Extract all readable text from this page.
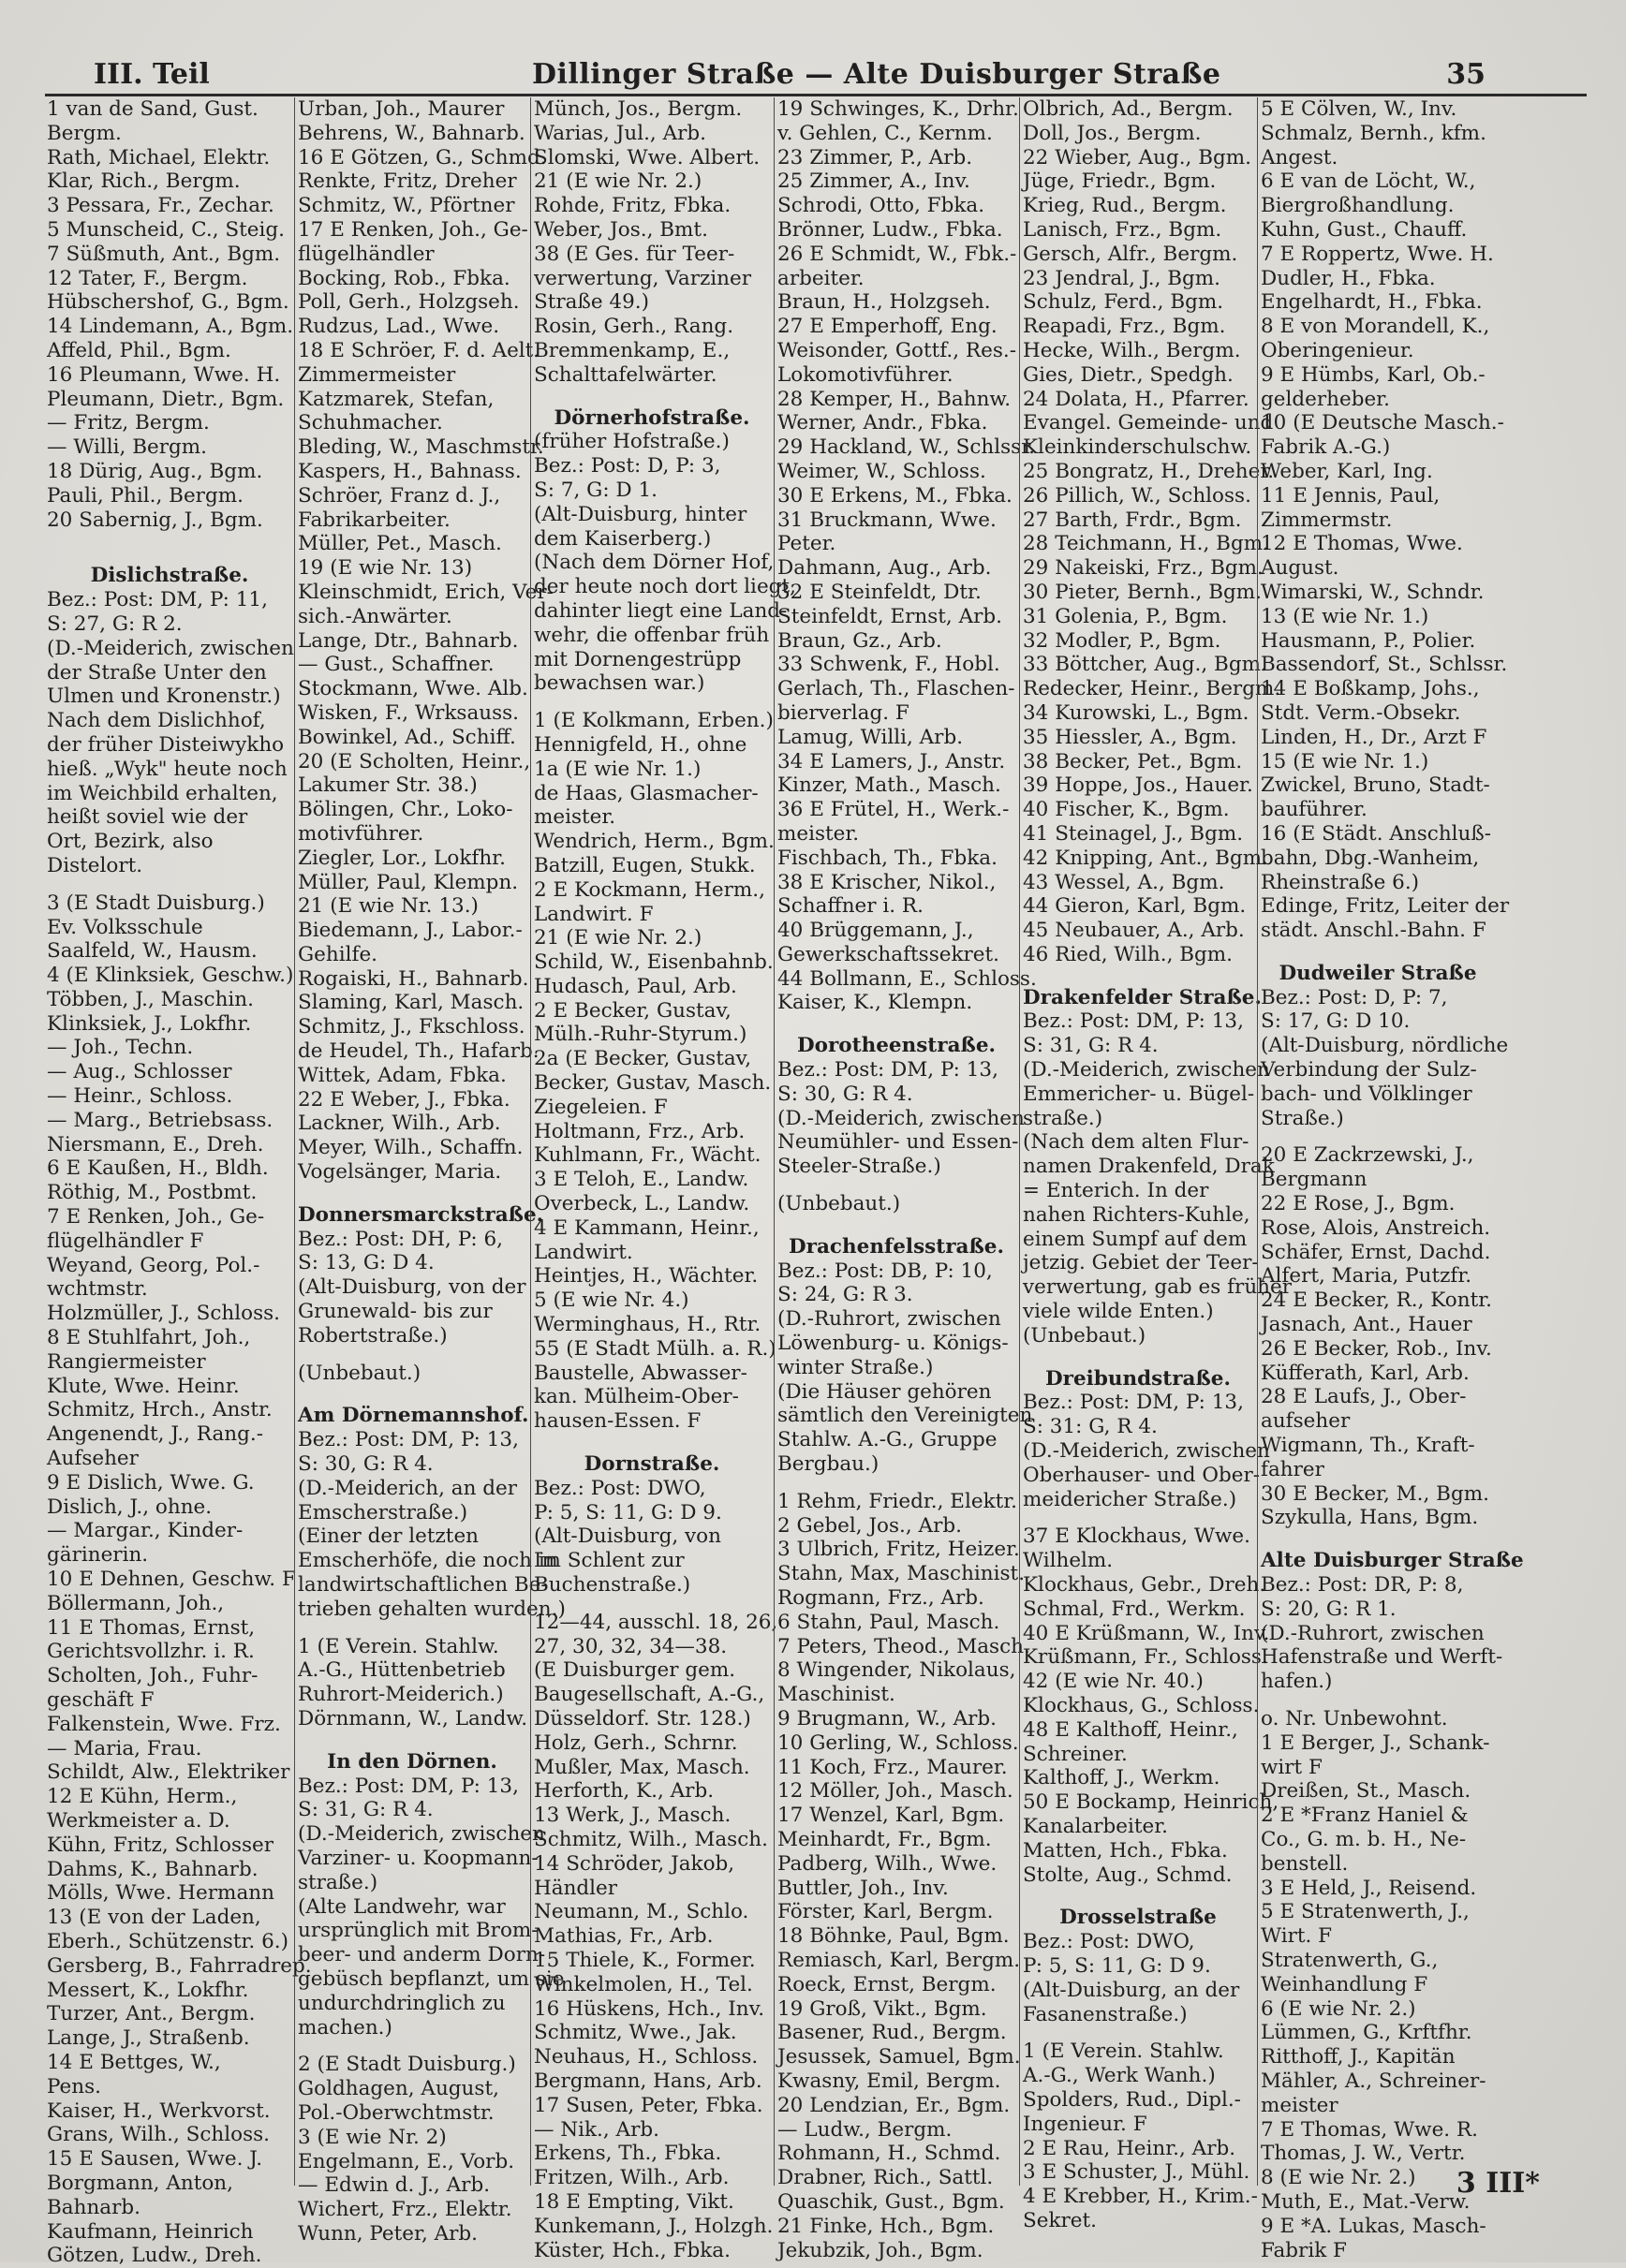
III. Teil	Dillinger Straße — Alte Duisburger Straße	35
1 van de Sand, Gust.
Bergm.
Rath, Michael, Elektr.
Klar, Rich., Bergm.
3 Pessara, Fr., Zechar.
5 Munscheid, C., Steig.
7 Süßmuth, Ant., Bgm.
12 Tater, F., Bergm.
Hübschershof, G., Bgm.
14 Lindemann, A., Bgm.
Affeld, Phil., Bgm.
16 Pleumann, Wwe. H.
Pleumann, Dietr., Bgm.
— Fritz, Bergm.
— Willi, Bergm.
18 Dürig, Aug., Bgm.
Pauli, Phil., Bergm.
20 Sabernig, J., Bgm.
Dislichstraße.
Bez.: Post: DM, P: 11,
S: 27, G: R 2.
(D.-Meiderich, zwischen
der Straße Unter den
Ulmen und Kronenstr.)
Nach dem Dislichhof,
der früher Disteiwykho
hieß. „Wyk" heute noch
im Weichbild erhalten,
heißt soviel wie der
Ort, Bezirk, also
Distelort.
3 (E Stadt Duisburg.)
Ev. Volksschule
Saalfeld, W., Hausm.
4 (E Klinksiek, Geschw.)
Többen, J., Maschin.
Klinksiek, J., Lokfhr.
— Joh., Techn.
— Aug., Schlosser
— Heinr., Schloss.
— Marg., Betriebsass.
Niersmann, E., Dreh.
6 E Kaußen, H., Bldh.
Röthig, M., Postbmt.
7 E Renken, Joh., Ge-
flügelhändler F
Weyand, Georg, Pol.-
wchtmstr.
Holzmüller, J., Schloss.
8 E Stuhlfahrt, Joh.,
Rangiermeister
Klute, Wwe. Heinr.
Schmitz, Hrch., Anstr.
Angenendt, J., Rang.-
Aufseher
9 E Dislich, Wwe. G.
Dislich, J., ohne.
— Margar., Kinder-
gärinerin.
10 E Dehnen, Geschw. F
Böllermann, Joh.,
11 E Thomas, Ernst,
Gerichtsvollzhr. i. R.
Scholten, Joh., Fuhr-
geschäft F
Falkenstein, Wwe. Frz.
— Maria, Frau.
Schildt, Alw., Elektriker
12 E Kühn, Herm.,
Werkmeister a. D.
Kühn, Fritz, Schlosser
Dahms, K., Bahnarb.
Mölls, Wwe. Hermann
13 (E von der Laden,
Eberh., Schützenstr. 6.)
Gersberg, B., Fahrradrep.
Messert, K., Lokfhr.
Turzer, Ant., Bergm.
Lange, J., Straßenb.
14 E Bettges, W.,
Pens.
Kaiser, H., Werkvorst.
Grans, Wilh., Schloss.
15 E Sausen, Wwe. J.
Borgmann, Anton,
Bahnarb.
Kaufmann, Heinrich
Götzen, Ludw., Dreh.
Urban, Joh., Maurer
Behrens, W., Bahnarb.
16 E Götzen, G., Schmd.
Renkte, Fritz, Dreher
Schmitz, W., Pförtner
17 E Renken, Joh., Ge-
flügelhändler
Bocking, Rob., Fbka.
Poll, Gerh., Holzgseh.
Rudzus, Lad., Wwe.
18 E Schröer, F. d. Aelt.
Zimmermeister
Katzmarek, Stefan,
Schuhmacher.
Bleding, W., Maschmstr.
Kaspers, H., Bahnass.
Schröer, Franz d. J.,
Fabrikarbeiter.
Müller, Pet., Masch.
19 (E wie Nr. 13)
Kleinschmidt, Erich, Ver-
sich.-Anwärter.
Lange, Dtr., Bahnarb.
— Gust., Schaffner.
Stockmann, Wwe. Alb.
Wisken, F., Wrksauss.
Bowinkel, Ad., Schiff.
20 (E Scholten, Heinr.,
Lakumer Str. 38.)
Bölingen, Chr., Loko-
motivführer.
Ziegler, Lor., Lokfhr.
Müller, Paul, Klempn.
21 (E wie Nr. 13.)
Biedemann, J., Labor.-
Gehilfe.
Rogaiski, H., Bahnarb.
Slaming, Karl, Masch.
Schmitz, J., Fkschloss.
de Heudel, Th., Hafarb.
Wittek, Adam, Fbka.
22 E Weber, J., Fbka.
Lackner, Wilh., Arb.
Meyer, Wilh., Schaffn.
Vogelsänger, Maria.
Donnersmarckstraße.
Bez.: Post: DH, P: 6,
S: 13, G: D 4.
(Alt-Duisburg, von der
Grunewald- bis zur
Robertstraße.)
(Unbebaut.)
Am Dörnemannshof.
Bez.: Post: DM, P: 13,
S: 30, G: R 4.
(D.-Meiderich, an der
Emscherstraße.)
(Einer der letzten
Emscherhöfe, die noch in
landwirtschaftlichen Be-
trieben gehalten wurden.)
1 (E Verein. Stahlw.
A.-G., Hüttenbetrieb
Ruhrort-Meiderich.)
Dörnmann, W., Landw.
In den Dörnen.
Bez.: Post: DM, P: 13,
S: 31, G: R 4.
(D.-Meiderich, zwischen
Varziner- u. Koopmann-
straße.)
(Alte Landwehr, war
ursprünglich mit Brom-
beer- und anderm Dorn-
gebüsch bepflanzt, um sie
undurchdringlich zu
machen.)
2 (E Stadt Duisburg.)
Goldhagen, August,
Pol.-Oberwchtmstr.
3 (E wie Nr. 2)
Engelmann, E., Vorb.
— Edwin d. J., Arb.
Wichert, Frz., Elektr.
Wunn, Peter, Arb.
Münch, Jos., Bergm.
Warias, Jul., Arb.
Slomski, Wwe. Albert.
21 (E wie Nr. 2.)
Rohde, Fritz, Fbka.
Weber, Jos., Bmt.
38 (E Ges. für Teer-
verwertung, Varziner
Straße 49.)
Rosin, Gerh., Rang.
Bremmenkamp, E.,
Schalttafelwärter.
Dörnerhofstraße.
(früher Hofstraße.)
Bez.: Post: D, P: 3,
S: 7, G: D 1.
(Alt-Duisburg, hinter
dem Kaiserberg.)
(Nach dem Dörner Hof,
der heute noch dort liegt,
dahinter liegt eine Land-
wehr, die offenbar früh
mit Dornengestrüpp
bewachsen war.)
1 (E Kolkmann, Erben.)
Hennigfeld, H., ohne
1a (E wie Nr. 1.)
de Haas, Glasmacher-
meister.
Wendrich, Herm., Bgm.
Batzill, Eugen, Stukk.
2 E Kockmann, Herm.,
Landwirt. F
21 (E wie Nr. 2.)
Schild, W., Eisenbahnb.
Hudasch, Paul, Arb.
2 E Becker, Gustav,
Mülh.-Ruhr-Styrum.)
2a (E Becker, Gustav,
Becker, Gustav, Masch.
Ziegeleien. F
Holtmann, Frz., Arb.
Kuhlmann, Fr., Wächt.
3 E Teloh, E., Landw.
Overbeck, L., Landw.
4 E Kammann, Heinr.,
Landwirt.
Heintjes, H., Wächter.
5 (E wie Nr. 4.)
Werminghaus, H., Rtr.
55 (E Stadt Mülh. a. R.)
Baustelle, Abwasser-
kan. Mülheim-Ober-
hausen-Essen. F
Dornstraße.
Bez.: Post: DWO,
P: 5, S: 11, G: D 9.
(Alt-Duisburg, von
Im Schlent zur
Buchenstraße.)
12—44, ausschl. 18, 26,
27, 30, 32, 34—38.
(E Duisburger gem.
Baugesellschaft, A.-G.,
Düsseldorf. Str. 128.)
Holz, Gerh., Schrnr.
Mußler, Max, Masch.
Herforth, K., Arb.
13 Werk, J., Masch.
Schmitz, Wilh., Masch.
14 Schröder, Jakob,
Händler
Neumann, M., Schlo.
Mathias, Fr., Arb.
15 Thiele, K., Former.
Winkelmolen, H., Tel.
16 Hüskens, Hch., Inv.
Schmitz, Wwe., Jak.
Neuhaus, H., Schloss.
Bergmann, Hans, Arb.
17 Susen, Peter, Fbka.
— Nik., Arb.
Erkens, Th., Fbka.
Fritzen, Wilh., Arb.
18 E Empting, Vikt.
Kunkemann, J., Holzgh.
Küster, Hch., Fbka.
19 Schwinges, K., Drhr.
v. Gehlen, C., Kernm.
23 Zimmer, P., Arb.
25 Zimmer, A., Inv.
Schrodi, Otto, Fbka.
Brönner, Ludw., Fbka.
26 E Schmidt, W., Fbk.-
arbeiter.
Braun, H., Holzgseh.
27 E Emperhoff, Eng.
Weisonder, Gottf., Res.-
Lokomotivführer.
28 Kemper, H., Bahnw.
Werner, Andr., Fbka.
29 Hackland, W., Schlssr.
Weimer, W., Schloss.
30 E Erkens, M., Fbka.
31 Bruckmann, Wwe.
Peter.
Dahmann, Aug., Arb.
32 E Steinfeldt, Dtr.
Steinfeldt, Ernst, Arb.
Braun, Gz., Arb.
33 Schwenk, F., Hobl.
Gerlach, Th., Flaschen-
bierverlag. F
Lamug, Willi, Arb.
34 E Lamers, J., Anstr.
Kinzer, Math., Masch.
36 E Frütel, H., Werk.-
meister.
Fischbach, Th., Fbka.
38 E Krischer, Nikol.,
Schaffner i. R.
40 Brüggemann, J.,
Gewerkschaftssekret.
44 Bollmann, E., Schloss.
Kaiser, K., Klempn.
Dorotheenstraße.
Bez.: Post: DM, P: 13,
S: 30, G: R 4.
(D.-Meiderich, zwischen
Neumühler- und Essen-
Steeler-Straße.)
(Unbebaut.)
Drachenfelsstraße.
Bez.: Post: DB, P: 10,
S: 24, G: R 3.
(D.-Ruhrort, zwischen
Löwenburg- u. Königs-
winter Straße.)
(Die Häuser gehören
sämtlich den Vereinigten
Stahlw. A.-G., Gruppe
Bergbau.)
1 Rehm, Friedr., Elektr.
2 Gebel, Jos., Arb.
3 Ulbrich, Fritz, Heizer.
Stahn, Max, Maschinist.
Rogmann, Frz., Arb.
6 Stahn, Paul, Masch.
7 Peters, Theod., Masch.
8 Wingender, Nikolaus,
Maschinist.
9 Brugmann, W., Arb.
10 Gerling, W., Schloss.
11 Koch, Frz., Maurer.
12 Möller, Joh., Masch.
17 Wenzel, Karl, Bgm.
Meinhardt, Fr., Bgm.
Padberg, Wilh., Wwe.
Buttler, Joh., Inv.
Förster, Karl, Bergm.
18 Böhnke, Paul, Bgm.
Remiasch, Karl, Bergm.
Roeck, Ernst, Bergm.
19 Groß, Vikt., Bgm.
Basener, Rud., Bergm.
Jesussek, Samuel, Bgm.
Kwasny, Emil, Bergm.
20 Lendzian, Er., Bgm.
— Ludw., Bergm.
Rohmann, H., Schmd.
Drabner, Rich., Sattl.
Quaschik, Gust., Bgm.
21 Finke, Hch., Bgm.
Jekubzik, Joh., Bgm.
Olbrich, Ad., Bergm.
Doll, Jos., Bergm.
22 Wieber, Aug., Bgm.
Jüge, Friedr., Bgm.
Krieg, Rud., Bergm.
Lanisch, Frz., Bgm.
Gersch, Alfr., Bergm.
23 Jendral, J., Bgm.
Schulz, Ferd., Bgm.
Reapadi, Frz., Bgm.
Hecke, Wilh., Bergm.
Gies, Dietr., Spedgh.
24 Dolata, H., Pfarrer.
Evangel. Gemeinde- und
Kleinkinderschulschw.
25 Bongratz, H., Dreher.
26 Pillich, W., Schloss.
27 Barth, Frdr., Bgm.
28 Teichmann, H., Bgm.
29 Nakeiski, Frz., Bgm.
30 Pieter, Bernh., Bgm.
31 Golenia, P., Bgm.
32 Modler, P., Bgm.
33 Böttcher, Aug., Bgm.
Redecker, Heinr., Bergm.
34 Kurowski, L., Bgm.
35 Hiessler, A., Bgm.
38 Becker, Pet., Bgm.
39 Hoppe, Jos., Hauer.
40 Fischer, K., Bgm.
41 Steinagel, J., Bgm.
42 Knipping, Ant., Bgm.
43 Wessel, A., Bgm.
44 Gieron, Karl, Bgm.
45 Neubauer, A., Arb.
46 Ried, Wilh., Bgm.
Drakenfelder Straße.
Bez.: Post: DM, P: 13,
S: 31, G: R 4.
(D.-Meiderich, zwischen
Emmericher- u. Bügel-
straße.)
(Nach dem alten Flur-
namen Drakenfeld, Drak
= Enterich. In der
nahen Richters-Kuhle,
einem Sumpf auf dem
jetzig. Gebiet der Teer-
verwertung, gab es früher
viele wilde Enten.)
(Unbebaut.)
Dreibundstraße.
Bez.: Post: DM, P: 13,
S: 31: G, R 4.
(D.-Meiderich, zwischen
Oberhauser- und Ober-
meidericher Straße.)
37 E Klockhaus, Wwe.
Wilhelm.
Klockhaus, Gebr., Dreh.
Schmal, Frd., Werkm.
40 E Krüßmann, W., Inv.
Krüßmann, Fr., Schloss.
42 (E wie Nr. 40.)
Klockhaus, G., Schloss.
48 E Kalthoff, Heinr.,
Schreiner.
Kalthoff, J., Werkm.
50 E Bockamp, Heinrich,
Kanalarbeiter.
Matten, Hch., Fbka.
Stolte, Aug., Schmd.
Drosselstraße
Bez.: Post: DWO,
P: 5, S: 11, G: D 9.
(Alt-Duisburg, an der
Fasanenstraße.)
1 (E Verein. Stahlw.
A.-G., Werk Wanh.)
Spolders, Rud., Dipl.-
Ingenieur. F
2 E Rau, Heinr., Arb.
3 E Schuster, J., Mühl.
4 E Krebber, H., Krim.-
Sekret.
5 E Cölven, W., Inv.
Schmalz, Bernh., kfm.
Angest.
6 E van de Löcht, W.,
Biergroßhandlung.
Kuhn, Gust., Chauff.
7 E Roppertz, Wwe. H.
Dudler, H., Fbka.
Engelhardt, H., Fbka.
8 E von Morandell, K.,
Oberingenieur.
9 E Hümbs, Karl, Ob.-
gelderheber.
10 (E Deutsche Masch.-
Fabrik A.-G.)
Weber, Karl, Ing.
11 E Jennis, Paul,
Zimmermstr.
12 E Thomas, Wwe.
August.
Wimarski, W., Schndr.
13 (E wie Nr. 1.)
Hausmann, P., Polier.
Bassendorf, St., Schlssr.
14 E Boßkamp, Johs.,
Stdt. Verm.-Obsekr.
Linden, H., Dr., Arzt F
15 (E wie Nr. 1.)
Zwickel, Bruno, Stadt-
bauführer.
16 (E Städt. Anschluß-
bahn, Dbg.-Wanheim,
Rheinstraße 6.)
Edinge, Fritz, Leiter der
städt. Anschl.-Bahn. F
Dudweiler Straße
Bez.: Post: D, P: 7,
S: 17, G: D 10.
(Alt-Duisburg, nördliche
Verbindung der Sulz-
bach- und Völklinger
Straße.)
20 E Zackrzewski, J.,
Bergmann
22 E Rose, J., Bgm.
Rose, Alois, Anstreich.
Schäfer, Ernst, Dachd.
Alfert, Maria, Putzfr.
24 E Becker, R., Kontr.
Jasnach, Ant., Hauer
26 E Becker, Rob., Inv.
Küfferath, Karl, Arb.
28 E Laufs, J., Ober-
aufseher
Wigmann, Th., Kraft-
fahrer
30 E Becker, M., Bgm.
Szykulla, Hans, Bgm.
Alte Duisburger Straße
Bez.: Post: DR, P: 8,
S: 20, G: R 1.
(D.-Ruhrort, zwischen
Hafenstraße und Werft-
hafen.)
o. Nr. Unbewohnt.
1 E Berger, J., Schank-
wirt F
Dreißen, St., Masch.
2 E *Franz Haniel &
Co., G. m. b. H., Ne-
benstell.
3 E Held, J., Reisend.
5 E Stratenwerth, J.,
Wirt. F
Stratenwerth, G.,
Weinhandlung F
6 (E wie Nr. 2.)
Lümmen, G., Krftfhr.
Ritthoff, J., Kapitän
Mähler, A., Schreiner-
meister
7 E Thomas, Wwe. R.
Thomas, J. W., Vertr.
8 (E wie Nr. 2.)
Muth, E., Mat.-Verw.
9 E *A. Lukas, Masch-
Fabrik F
3 III*
